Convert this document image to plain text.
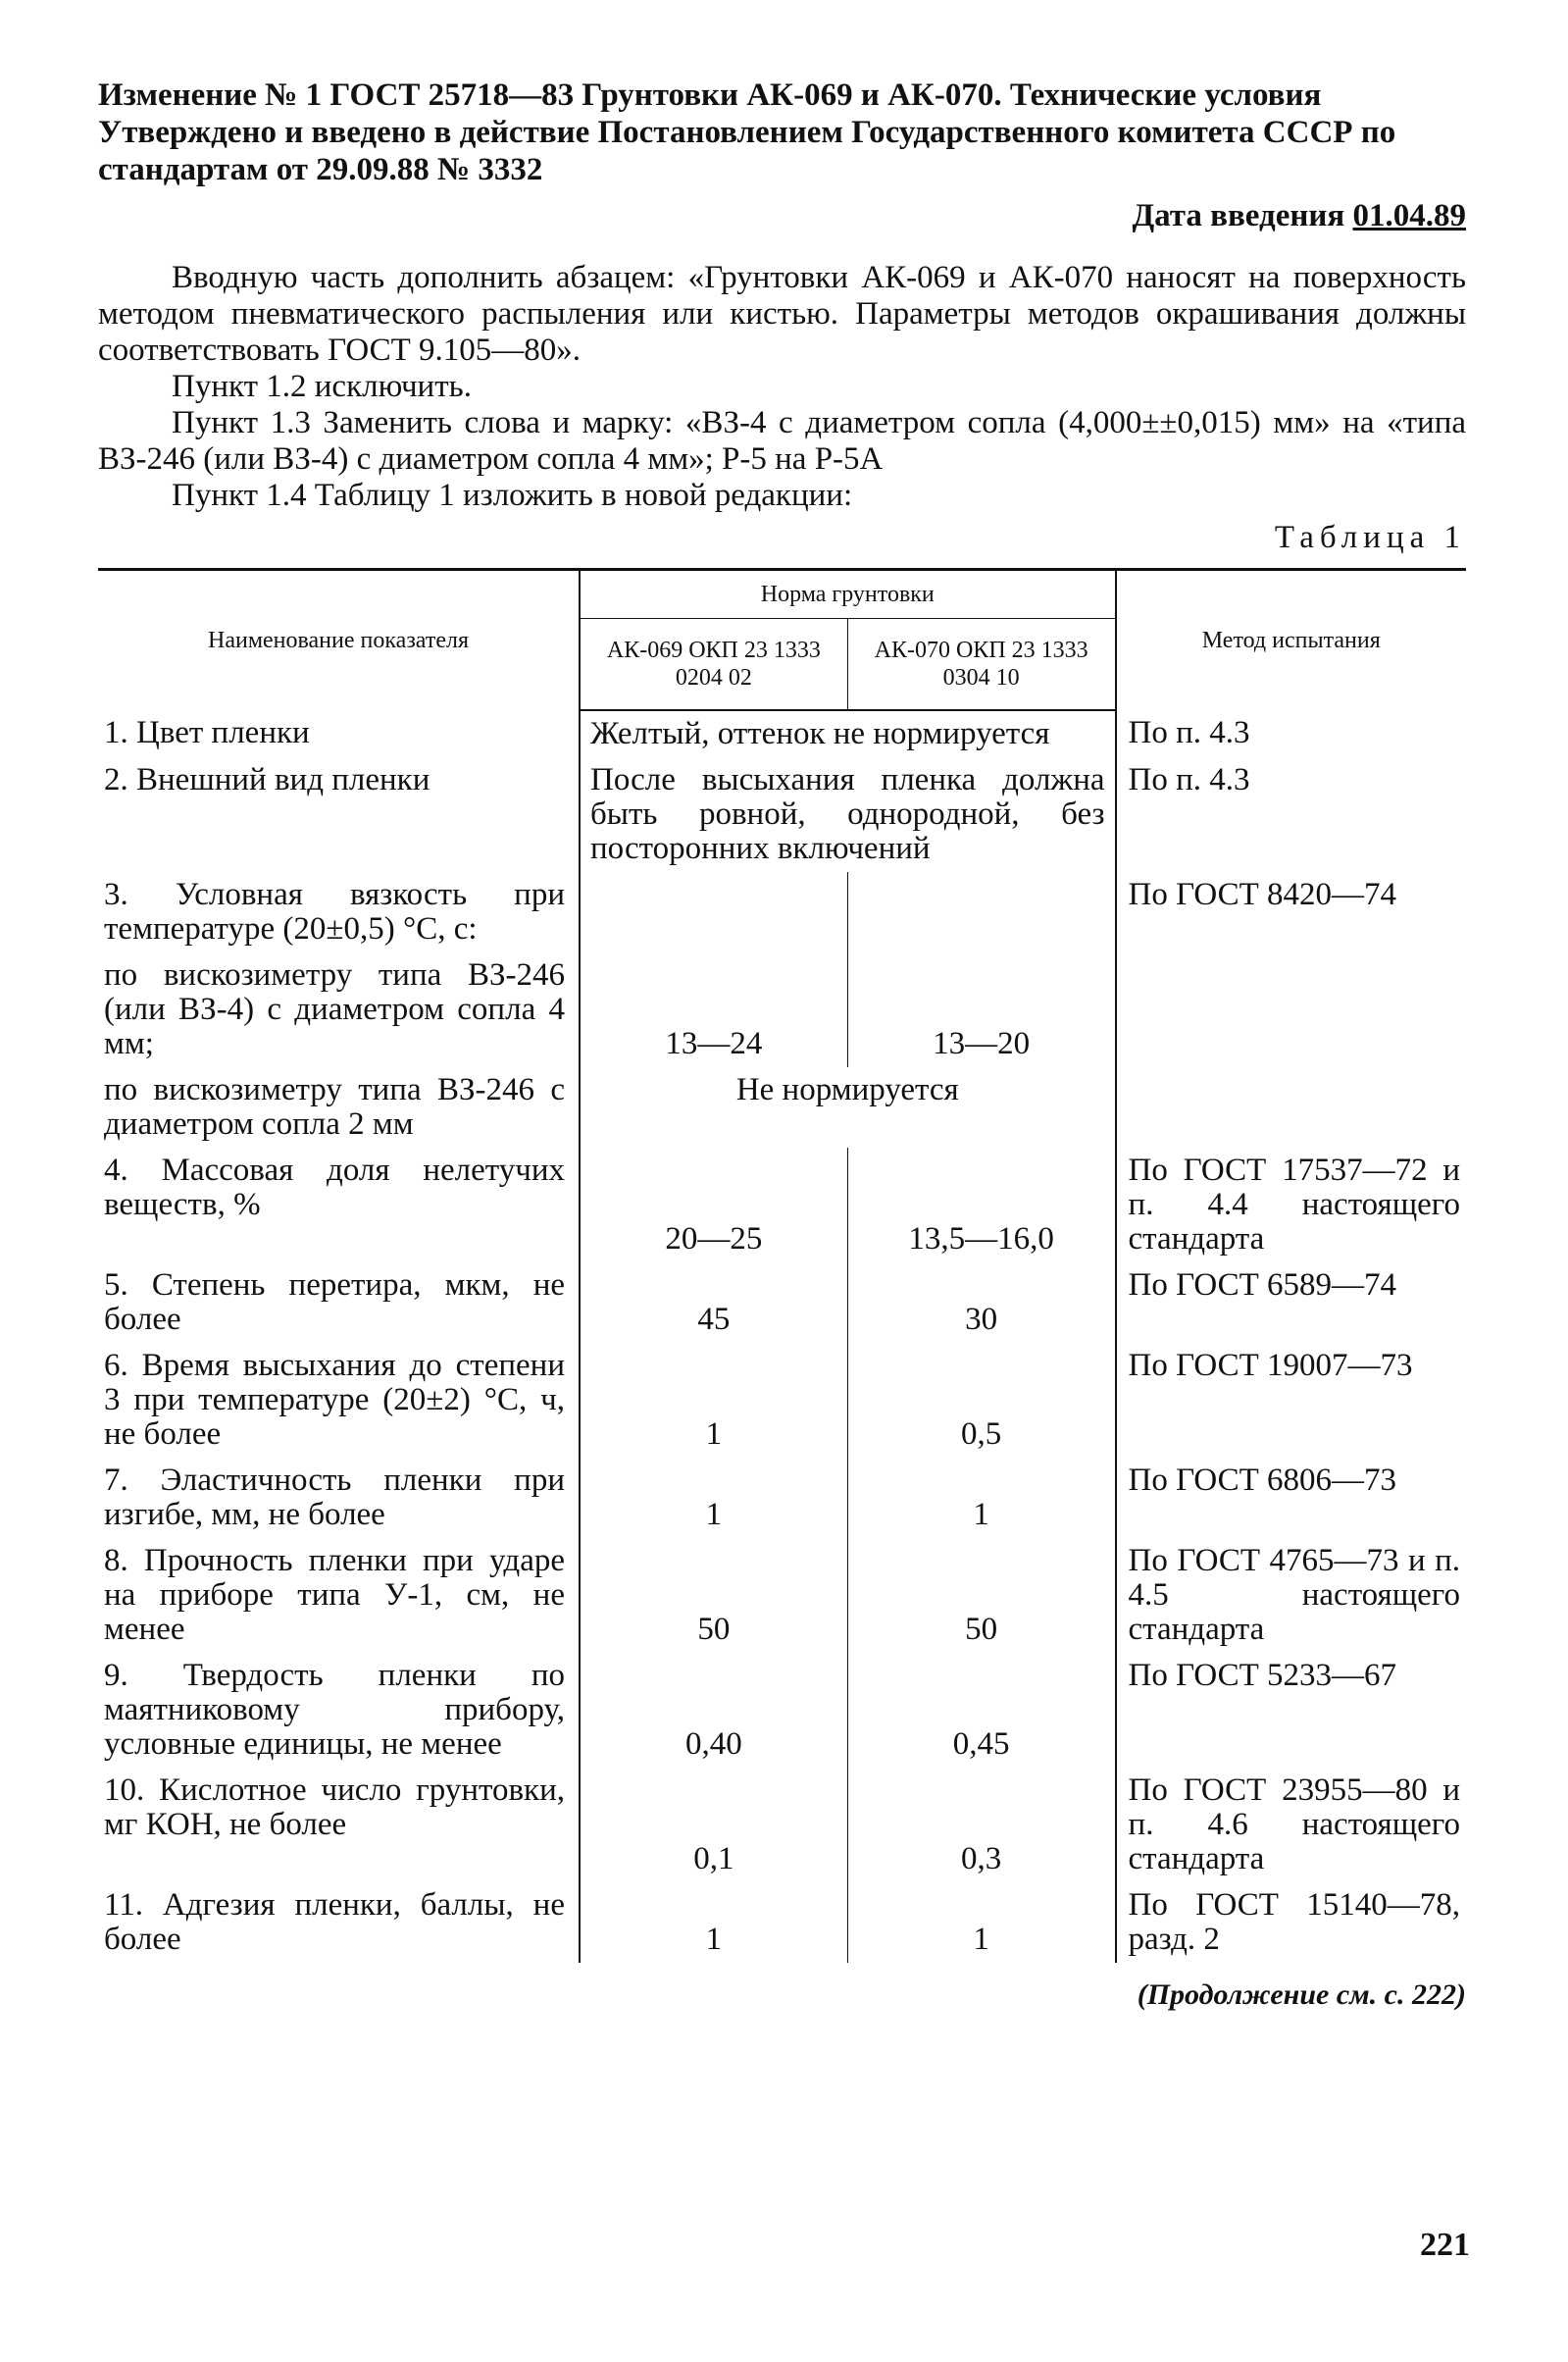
Изменение № 1 ГОСТ 25718—83 Грунтовки АК-069 и АК-070. Технические условия

Утверждено и введено в действие Постановлением Государственного комитета СССР по стандартам от 29.09.88 № 3332

Дата введения 01.04.89

Вводную часть дополнить абзацем: «Грунтовки АК-069 и АК-070 наносят на поверхность методом пневматического распыления или кистью. Параметры методов окрашивания должны соответствовать ГОСТ 9.105—80».

Пункт 1.2 исключить.

Пункт 1.3 Заменить слова и марку: «ВЗ-4 с диаметром сопла (4,000±±0,015) мм» на «типа ВЗ-246 (или ВЗ-4) с диаметром сопла 4 мм»; Р-5 на Р-5А

Пункт 1.4 Таблицу 1 изложить в новой редакции:

Таблица 1
Наименование показателя	Норма грунтовки		Метод испытания
	АК-069 ОКП 23 1333 0204 02	АК-070 ОКП 23 1333 0304 10	
1. Цвет пленки	Желтый, оттенок не нормируется		По п. 4.3
2. Внешний вид пленки	После высыхания пленка должна быть ровной, однородной, без посторонних включений		По п. 4.3
3. Условная вязкость при температуре (20±0,5) °С, с:			По ГОСТ 8420—74
по вискозиметру типа ВЗ-246 (или ВЗ-4) с диаметром сопла 4 мм;	13—24	13—20	
по вискозиметру типа ВЗ-246 с диаметром сопла 2 мм	Не нормируется		
4. Массовая доля нелетучих веществ, %	20—25	13,5—16,0	По ГОСТ 17537—72 и п. 4.4 настоящего стандарта
5. Степень перетира, мкм, не более	45	30	По ГОСТ 6589—74
6. Время высыхания до степени 3 при температуре (20±2) °С, ч, не более	1	0,5	По ГОСТ 19007—73
7. Эластичность пленки при изгибе, мм, не более	1	1	По ГОСТ 6806—73
8. Прочность пленки при ударе на приборе типа У-1, см, не менее	50	50	По ГОСТ 4765—73 и п. 4.5 настоящего стандарта
9. Твердость пленки по маятниковому прибору, условные единицы, не менее	0,40	0,45	По ГОСТ 5233—67
10. Кислотное число грунтовки, мг КОН, не более	0,1	0,3	По ГОСТ 23955—80 и п. 4.6 настоящего стандарта
11. Адгезия пленки, баллы, не более	1	1	По ГОСТ 15140—78, разд. 2
(Продолжение см. с. 222)
221
